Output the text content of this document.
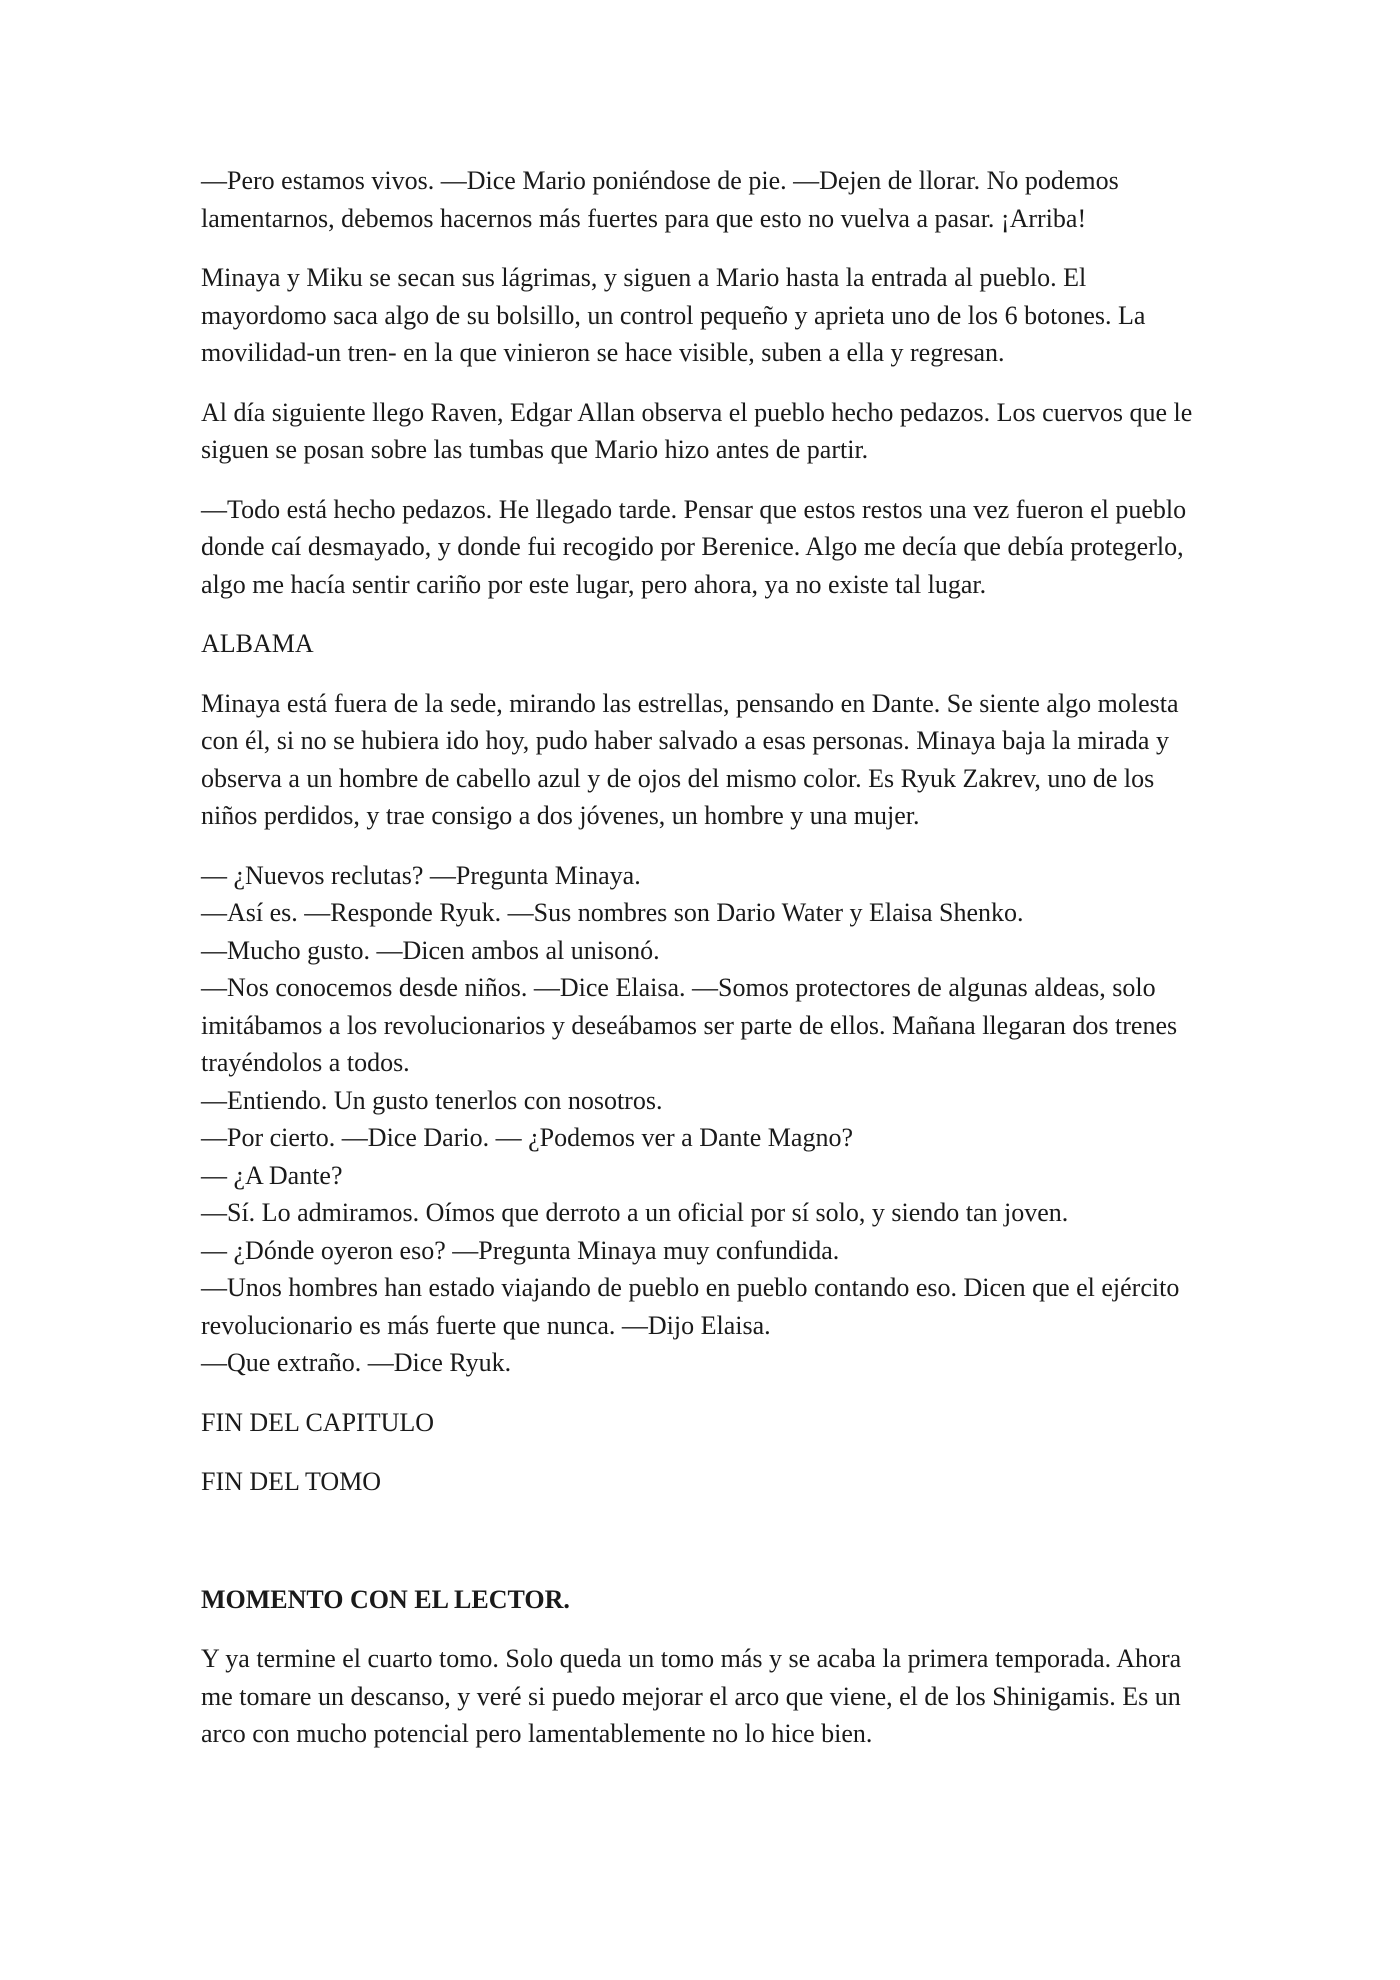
—Pero estamos vivos. —Dice Mario poniéndose de pie. —Dejen de llorar. No podemos lamentarnos, debemos hacernos más fuertes para que esto no vuelva a pasar. ¡Arriba!

Minaya y Miku se secan sus lágrimas, y siguen a Mario hasta la entrada al pueblo. El mayordomo saca algo de su bolsillo, un control pequeño y aprieta uno de los 6 botones. La movilidad-un tren- en la que vinieron se hace visible, suben a ella y regresan.

Al día siguiente llego Raven, Edgar Allan observa el pueblo hecho pedazos. Los cuervos que le siguen se posan sobre las tumbas que Mario hizo antes de partir.

—Todo está hecho pedazos. He llegado tarde. Pensar que estos restos una vez fueron el pueblo donde caí desmayado, y donde fui recogido por Berenice. Algo me decía que debía protegerlo, algo me hacía sentir cariño por este lugar, pero ahora, ya no existe tal lugar.

ALBAMA

Minaya está fuera de la sede, mirando las estrellas, pensando en Dante. Se siente algo molesta con él, si no se hubiera ido hoy, pudo haber salvado a esas personas. Minaya baja la mirada y observa a un hombre de cabello azul y de ojos del mismo color. Es Ryuk Zakrev, uno de los niños perdidos, y trae consigo a dos jóvenes, un hombre y una mujer.

— ¿Nuevos reclutas? —Pregunta Minaya.
—Así es. —Responde Ryuk. —Sus nombres son Dario Water y Elaisa Shenko.
—Mucho gusto. —Dicen ambos al unisonó.
—Nos conocemos desde niños. —Dice Elaisa. —Somos protectores de algunas aldeas, solo imitábamos a los revolucionarios y deseábamos ser parte de ellos. Mañana llegaran dos trenes trayéndolos a todos.
—Entiendo. Un gusto tenerlos con nosotros.
—Por cierto. —Dice Dario. — ¿Podemos ver a Dante Magno?
— ¿A Dante?
—Sí. Lo admiramos. Oímos que derroto a un oficial por sí solo, y siendo tan joven.
— ¿Dónde oyeron eso? —Pregunta Minaya muy confundida.
—Unos hombres han estado viajando de pueblo en pueblo contando eso. Dicen que el ejército revolucionario es más fuerte que nunca. —Dijo Elaisa.
—Que extraño. —Dice Ryuk.

FIN DEL CAPITULO

FIN DEL TOMO

MOMENTO CON EL LECTOR.

Y ya termine el cuarto tomo. Solo queda un tomo más y se acaba la primera temporada. Ahora me tomare un descanso, y veré si puedo mejorar el arco que viene, el de los Shinigamis. Es un arco con mucho potencial pero lamentablemente no lo hice bien.
